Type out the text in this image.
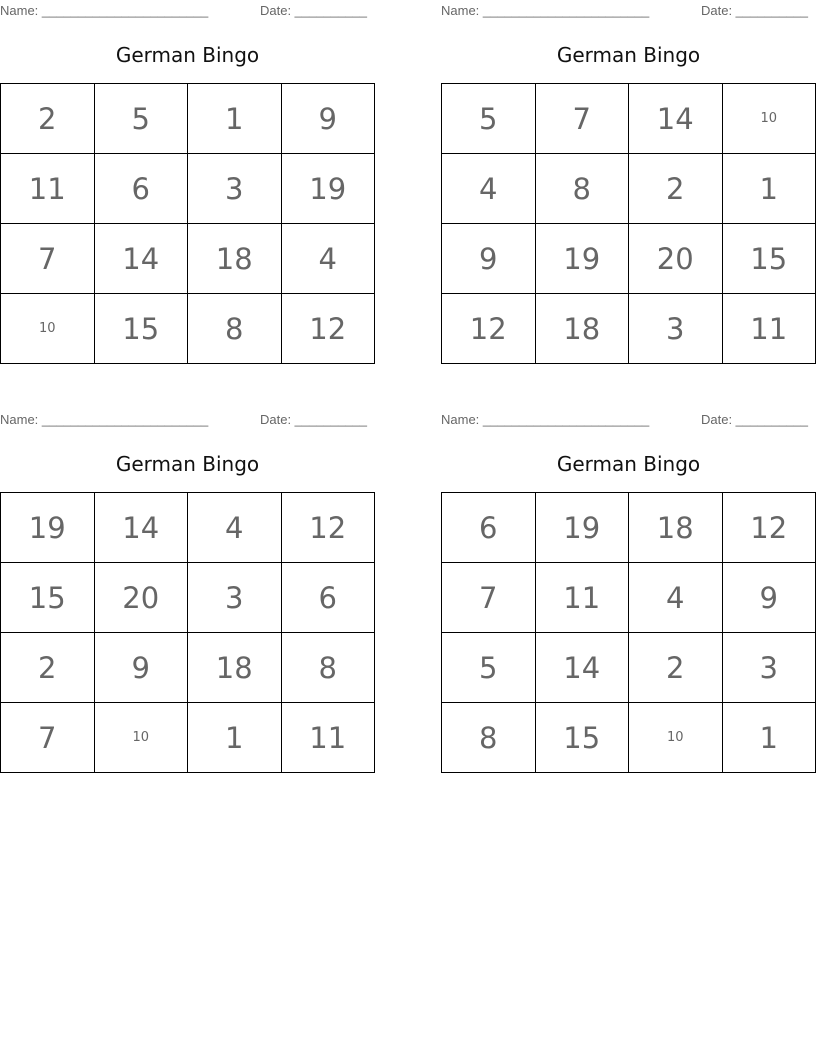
Name: _______________________	Date: __________
German Bingo
2	5	1	9
11	6	3	19
7	14	18	4
10	15	8	12
Name: _______________________	Date: __________
German Bingo
5	7	14	10
4	8	2	1
9	19	20	15
12	18	3	11
Name: _______________________	Date: __________
German Bingo
19	14	4	12
15	20	3	6
2	9	18	8
7	10	1	11
Name: _______________________	Date: __________
German Bingo
6	19	18	12
7	11	4	9
5	14	2	3
8	15	10	1
